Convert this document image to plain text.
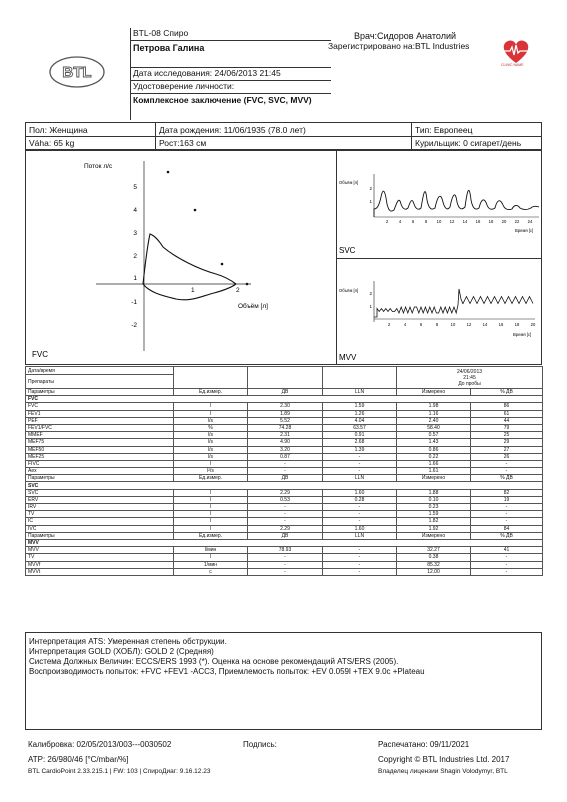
BTL
BTL-08 Спиро
Петрова Галина
Дата исследования: 24/06/2013 21:45
Удостоверение личности:
Комплексное заключение (FVC, SVC, MVV)
Врач:Сидоров Анатолий
Зарегистрировано на:BTL Industries
CLINIC NAME
Пол: Женщина	Дата рождения: 11/06/1935 (78.0 лет)	Тип: Европеец
Váha: 65 kg	Рост:163 см	Курильщик: 0 сигарет/день
Поток л/с
5
4
3
2
1
-1
-2
1	2
Объём [л]
FVC
Объём [л]
2
1
2	4	6	8 10 12 14 16 18 20 22 24
Время [с]
SVC
Объём [л]
2
1
2	4	6	8	10	12	14	16	18	20
Время [с]
MVV
Дата/время				24/06/2013
21:45
До пробы	

Препараты					
Параметры	Ед.измер.	ДВ	LLN	Измерено	% ДВ
FVC					
FVC	l	2.30	1.59	1.98	86
FEV1	l	1.89	1.26	1.16	61
PEF	l/s	5.52	4.04	2.40	44
FEV1/FVC	%	74.28	63.57	58.40	79
MMEF	l/s	2.31	0.91	0.57	25
MEF75	l/s	4.90	2.68	1.43	29
MEF50	l/s	3.20	1.39	0.86	27
MEF25	l/s	0.87	-	0.22	26
FIVC	l	-	-	1.66	-
Aex	l²/s	-	-	1.61	-
Параметры	Ед.измер.	ДВ	LLN	Измерено	% ДВ
SVC					
SVC	l	2.29	1.60	1.88	82
ERV	l	0.53	0.28	0.10	19
IRV	l	-	-	0.23	-
TV	l	-	-	1.59	-
IC	l	-	-	1.82	-
IVC	l	2.29	1.60	1.92	84
Параметры	Ед.измер.	ДВ	LLN	Измерено	% ДВ
MVV					
MVV	l/мин	78.93	-	32.27	41
TV	l	-	-	0.38	-
MVVf	1/мин	-	-	85.32	-
MVVt	с	-	-	12.00	-
Интерпретация ATS: Умеренная степень обструкции.
Интерпретация GOLD (ХОБЛ): GOLD 2 (Средняя)
Система Должных Величин: ECCS/ERS 1993 (*). Оценка на основе рекомендаций ATS/ERS (2005).
Воспроизводимость попыток: +FVC +FEV1 -ACC3, Приемлемость попыток: +EV 0.059l +TEX 9.0с +Plateau
Калибровка: 02/05/2013/003---0030502	Подпись:	Распечатано: 09/11/2021
ATP: 26/980/46 [°C/mbar/%]	Copyright © BTL Industries Ltd. 2017
BTL CardioPoint 2.33.215.1 | FW: 103 | СпироДиаг: 9.16.12.23	Владелец лицензии Shagin Volodymyr, BTL
